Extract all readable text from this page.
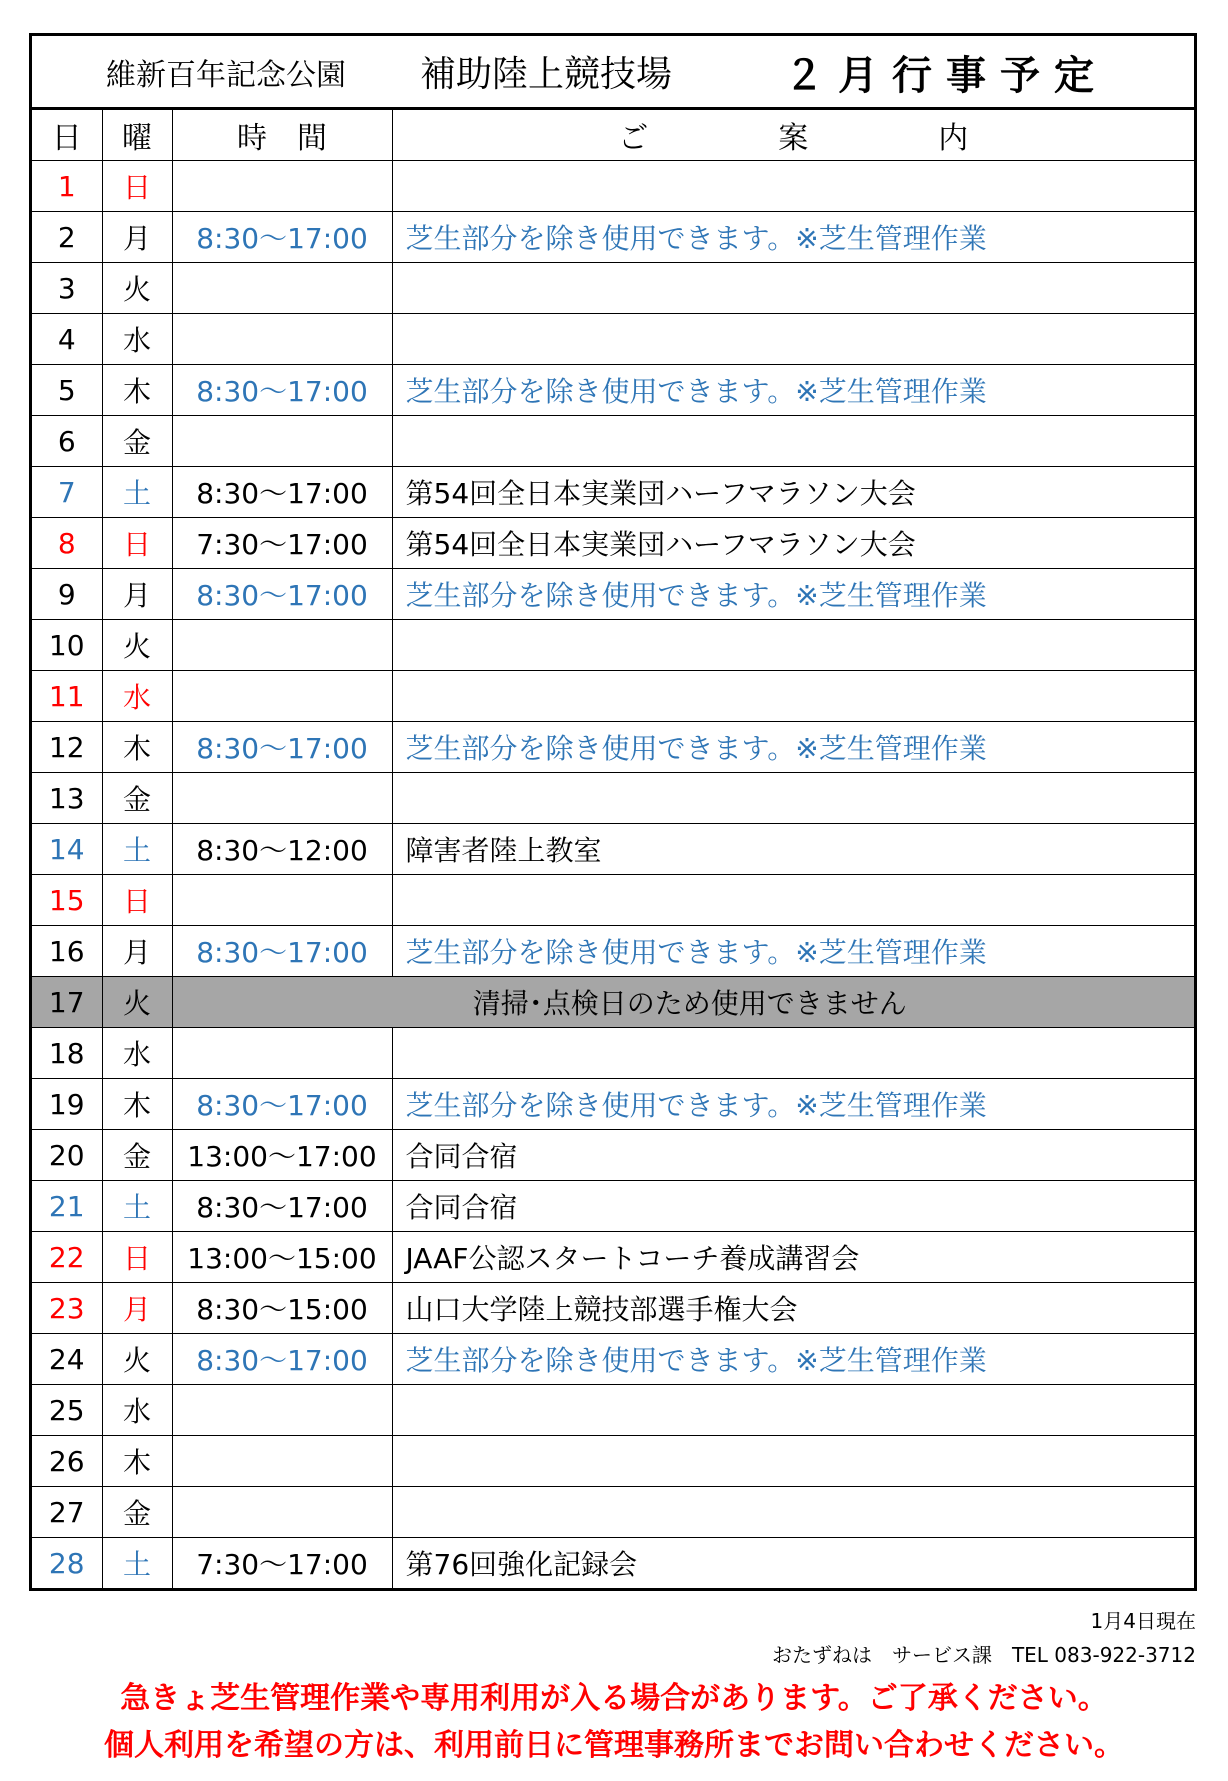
維新百年記念公園 補助陸上競技場	２月行事予定
日	曜	時間	ご案内
1	日		
2	月	8:30～17:00	芝生部分を除き使用できます。※芝生管理作業
3	火		
4	水		
5	木	8:30～17:00	芝生部分を除き使用できます。※芝生管理作業
6	金		
7	土	8:30～17:00	第54回全日本実業団ハーフマラソン大会
8	日	7:30～17:00	第54回全日本実業団ハーフマラソン大会
9	月	8:30～17:00	芝生部分を除き使用できます。※芝生管理作業
10	火		
11	水		
12	木	8:30～17:00	芝生部分を除き使用できます。※芝生管理作業
13	金		
14	土	8:30～12:00	障害者陸上教室
15	日		
16	月	8:30～17:00	芝生部分を除き使用できます。※芝生管理作業
17	火	清掃･点検日のため使用できません	
18	水		
19	木	8:30～17:00	芝生部分を除き使用できます。※芝生管理作業
20	金	13:00～17:00	合同合宿
21	土	8:30～17:00	合同合宿
22	日	13:00～15:00	JAAF公認スタートコーチ養成講習会
23	月	8:30～15:00	山口大学陸上競技部選手権大会
24	火	8:30～17:00	芝生部分を除き使用できます。※芝生管理作業
25	水		
26	木		
27	金		
28	土	7:30～17:00	第76回強化記録会
1月4日現在
おたずねは　サービス課　TEL 083-922-3712
急きょ芝生管理作業や専用利用が入る場合があります。ご了承ください。
個人利用を希望の方は、利用前日に管理事務所までお問い合わせください。
